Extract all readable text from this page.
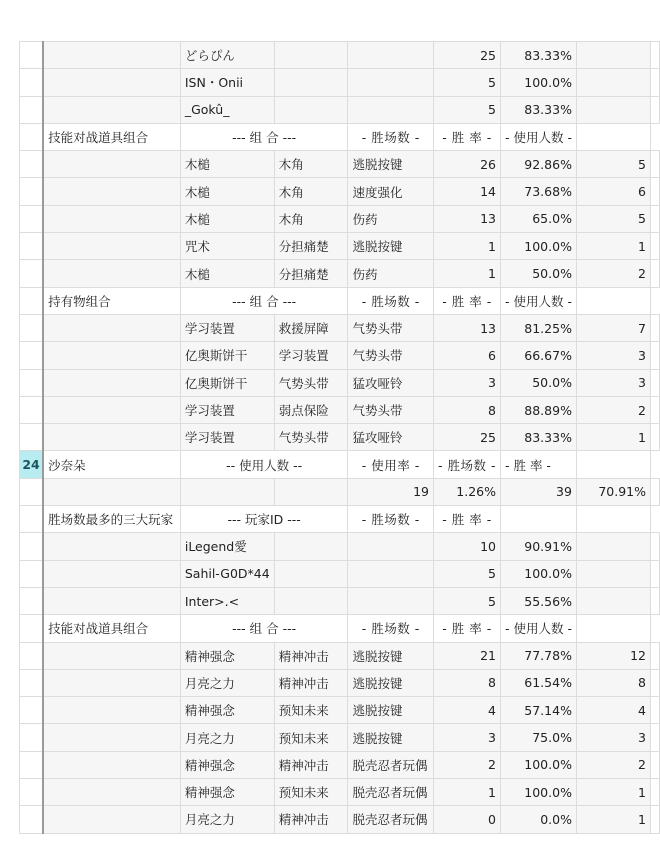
		どらぴん			25	83.33%		
		ISN・Onii			5	100.0%		
		_Gokû_			5	83.33%		
	技能对战道具组合	--- 组 合 ---		- 胜场数 -	- 胜 率 -	- 使用人数 -		
		木槌	木角	逃脱按键	26	92.86%	5	
		木槌	木角	速度强化	14	73.68%	6	
		木槌	木角	伤药	13	65.0%	5	
		咒术	分担痛楚	逃脱按键	1	100.0%	1	
		木槌	分担痛楚	伤药	1	50.0%	2	
	持有物组合	--- 组 合 ---		- 胜场数 -	- 胜 率 -	- 使用人数 -		
		学习装置	救援屏障	气势头带	13	81.25%	7	
		亿奥斯饼干	学习装置	气势头带	6	66.67%	3	
		亿奥斯饼干	气势头带	猛攻哑铃	3	50.0%	3	
		学习装置	弱点保险	气势头带	8	88.89%	2	
		学习装置	气势头带	猛攻哑铃	25	83.33%	1	
24	沙奈朵	-- 使用人数 --		- 使用率 -	- 胜场数 -	- 胜 率 -		
				19	1.26%	39	70.91%	
	胜场数最多的三大玩家	--- 玩家ID ---		- 胜场数 -	- 胜 率 -			
		iLegend愛			10	90.91%		
		Sahil-G0D*44			5	100.0%		
		Inter>.<			5	55.56%		
	技能对战道具组合	--- 组 合 ---		- 胜场数 -	- 胜 率 -	- 使用人数 -		
		精神强念	精神冲击	逃脱按键	21	77.78%	12	
		月亮之力	精神冲击	逃脱按键	8	61.54%	8	
		精神强念	预知未来	逃脱按键	4	57.14%	4	
		月亮之力	预知未来	逃脱按键	3	75.0%	3	
		精神强念	精神冲击	脱壳忍者玩偶	2	100.0%	2	
		精神强念	预知未来	脱壳忍者玩偶	1	100.0%	1	
		月亮之力	精神冲击	脱壳忍者玩偶	0	0.0%	1	
